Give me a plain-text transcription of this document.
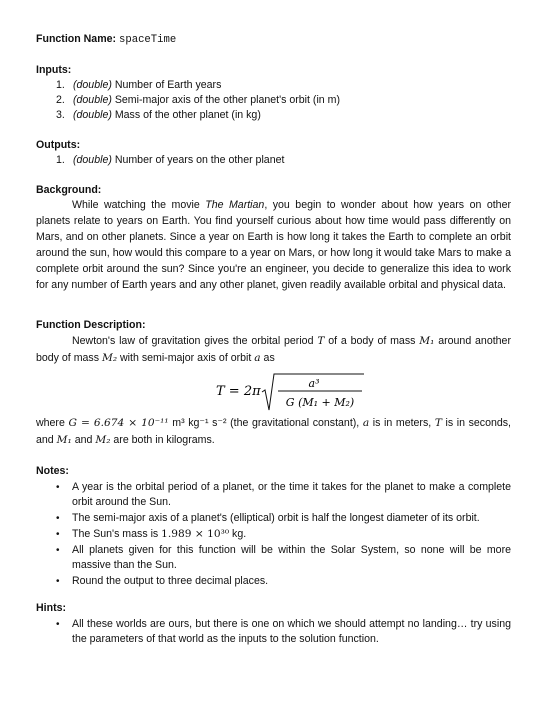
Function Name: spaceTime
Inputs:
1. (double) Number of Earth years
2. (double) Semi-major axis of the other planet's orbit (in m)
3. (double) Mass of the other planet (in kg)
Outputs:
1. (double) Number of years on the other planet
Background:
While watching the movie The Martian, you begin to wonder about how years on other planets relate to years on Earth. You find yourself curious about how time would pass differently on Mars, and on other planets. Since a year on Earth is how long it takes the Earth to complete an orbit around the sun, how would this compare to a year on Mars, or how long it would take Mars to make a complete orbit around the sun? Since you're an engineer, you decide to generalize this idea to work for any number of Earth years and any other planet, given readily available orbital and physical data.
Function Description:
Newton's law of gravitation gives the orbital period T of a body of mass M₁ around another body of mass M₂ with semi-major axis of orbit a as
T = 2π
a³
G (M₁ + M₂)
where G = 6.674 × 10⁻¹¹ m³ kg⁻¹ s⁻² (the gravitational constant), a is in meters, T is in seconds, and M₁ and M₂ are both in kilograms.
Notes:
• A year is the orbital period of a planet, or the time it takes for the planet to make a complete orbit around the Sun.
• The semi-major axis of a planet's (elliptical) orbit is half the longest diameter of its orbit.
• The Sun's mass is 1.989 × 10³⁰ kg.
• All planets given for this function will be within the Solar System, so none will be more massive than the Sun.
• Round the output to three decimal places.
Hints:
• All these worlds are ours, but there is one on which we should attempt no landing… try using the parameters of that world as the inputs to the solution function.
